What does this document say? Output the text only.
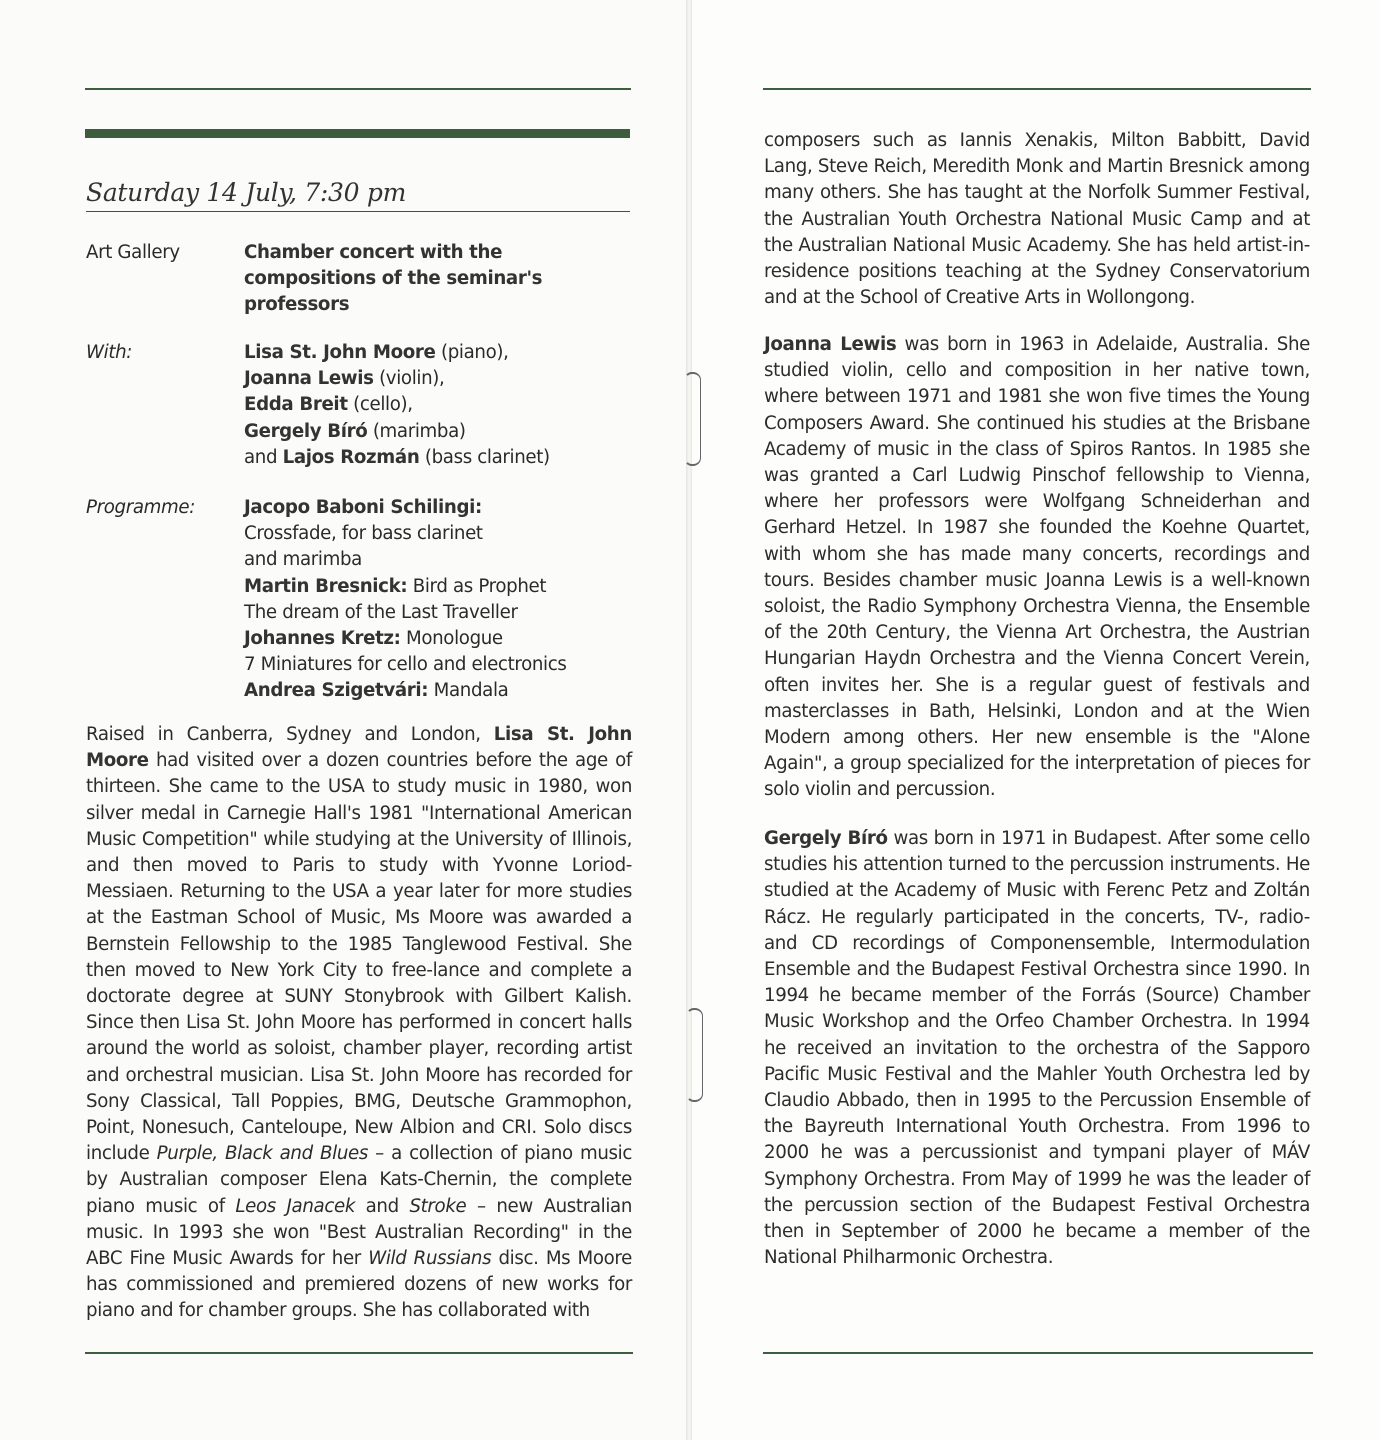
Saturday 14 July, 7:30 pm
Art Gallery	Chamber concert with the compositions of the seminar's professors
With:	Lisa St. John Moore (piano),
Joanna Lewis (violin),
Edda Breit (cello),
Gergely Bíró (marimba)
and Lajos Rozmán (bass clarinet)
Programme:	Jacopo Baboni Schilingi:
Crossfade, for bass clarinet
and marimba
Martin Bresnick: Bird as Prophet
The dream of the Last Traveller
Johannes Kretz: Monologue
7 Miniatures for cello and electronics
Andrea Szigetvári: Mandala
Raised in Canberra, Sydney and London, Lisa St. John Moore had visited over a dozen countries before the age of thirteen. She came to the USA to study music in 1980, won silver medal in Carnegie Hall's 1981 "International American Music Competition" while studying at the University of Illinois, and then moved to Paris to study with Yvonne Loriod-Messiaen. Returning to the USA a year later for more studies at the Eastman School of Music, Ms Moore was awarded a Bernstein Fellowship to the 1985 Tanglewood Festival. She then moved to New York City to free-lance and complete a doctorate degree at SUNY Stonybrook with Gilbert Kalish. Since then Lisa St. John Moore has performed in concert halls around the world as soloist, chamber player, recording artist and orchestral musician. Lisa St. John Moore has recorded for Sony Classical, Tall Poppies, BMG, Deutsche Grammophon, Point, Nonesuch, Canteloupe, New Albion and CRI. Solo discs include Purple, Black and Blues – a collection of piano music by Australian composer Elena Kats-Chernin, the complete piano music of Leos Janacek and Stroke – new Australian music. In 1993 she won "Best Australian Recording" in the ABC Fine Music Awards for her Wild Russians disc. Ms Moore has commissioned and premiered dozens of new works for piano and for chamber groups. She has collaborated with
composers such as Iannis Xenakis, Milton Babbitt, David Lang, Steve Reich, Meredith Monk and Martin Bresnick among many others. She has taught at the Norfolk Summer Festival, the Australian Youth Orchestra National Music Camp and at the Australian National Music Academy. She has held artist-in-residence positions teaching at the Sydney Conservatorium and at the School of Creative Arts in Wollongong.
Joanna Lewis was born in 1963 in Adelaide, Australia. She studied violin, cello and composition in her native town, where between 1971 and 1981 she won five times the Young Composers Award. She continued his studies at the Brisbane Academy of music in the class of Spiros Rantos. In 1985 she was granted a Carl Ludwig Pinschof fellowship to Vienna, where her professors were Wolfgang Schneiderhan and Gerhard Hetzel. In 1987 she founded the Koehne Quartet, with whom she has made many concerts, recordings and tours. Besides chamber music Joanna Lewis is a well-known soloist, the Radio Symphony Orchestra Vienna, the Ensemble of the 20th Century, the Vienna Art Orchestra, the Austrian Hungarian Haydn Orchestra and the Vienna Concert Verein, often invites her. She is a regular guest of festivals and masterclasses in Bath, Helsinki, London and at the Wien Modern among others. Her new ensemble is the "Alone Again", a group specialized for the interpretation of pieces for solo violin and percussion.
Gergely Bíró was born in 1971 in Budapest. After some cello studies his attention turned to the percussion instruments. He studied at the Academy of Music with Ferenc Petz and Zoltán Rácz. He regularly participated in the concerts, TV-, radio- and CD recordings of Componensemble, Intermodulation Ensemble and the Budapest Festival Orchestra since 1990. In 1994 he became member of the Forrás (Source) Chamber Music Workshop and the Orfeo Chamber Orchestra. In 1994 he received an invitation to the orchestra of the Sapporo Pacific Music Festival and the Mahler Youth Orchestra led by Claudio Abbado, then in 1995 to the Percussion Ensemble of the Bayreuth International Youth Orchestra. From 1996 to 2000 he was a percussionist and tympani player of MÁV Symphony Orchestra. From May of 1999 he was the leader of the percussion section of the Budapest Festival Orchestra then in September of 2000 he became a member of the National Philharmonic Orchestra.
